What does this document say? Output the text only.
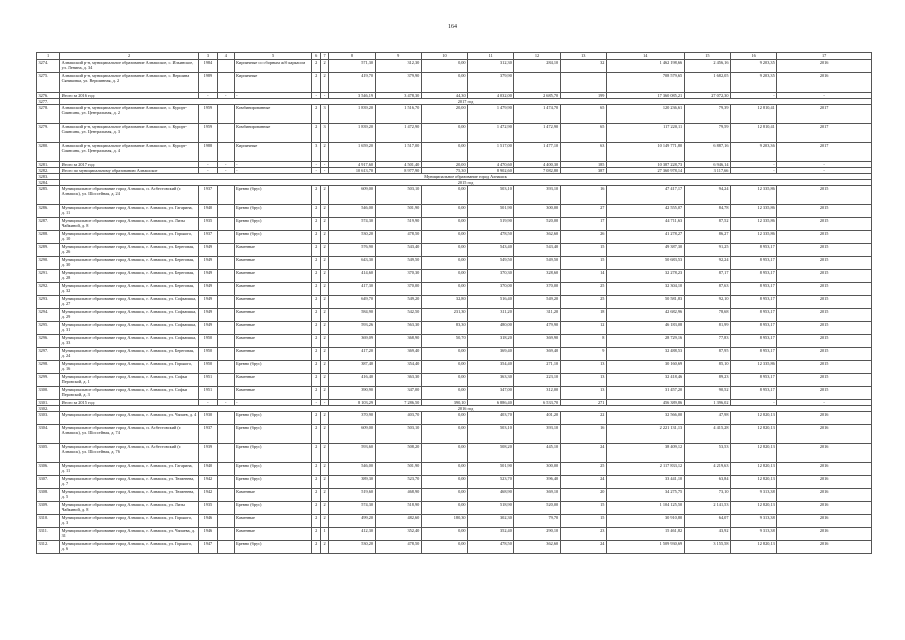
164
1	2	3	4	5	6	7	8	9	10	11	12	13	14	15	16	17
3274.	Алнашский р-н, муниципальное образование Алнашское, с. Ильинское, ул. Ленина, д. 34	1984		Кирпичные со сборным ж/б каркасом	2	2	571,30	312,30	0,00	312,30	284,10	32	1 462 198,66	2 456,16	9 203,35	2016
3275.	Алнашский р-н, муниципальное образование Алнашское, с. Вершина Сяниковка, ул. Вершинная, д. 2	1989		Кирпичные	2	2	419,70	379,90	0,00	379,90			708 579,65	1 682,05	9 203,35	2016
3276.	Итого за 2016 год:	-	-	-	-	-	3 546,19	3 478,30	44,30	4 032,00	2 685,70	199	17 360 085,21	27 072,30	-	-
3277.	2017 год															
3278.	Алнашский р-н, муниципальное образование Алнашское, с. Курорт-Сиянсанк, ул. Центральная, д. 2	1959		Комбинированные	2	3	1 839,20	1 516,70	20,00	1 479,90	1 474,70	65	120 236,61	79,39	12 810,41	2017
3279.	Алнашский р-н, муниципальное образование Алнашское, с. Курорт-Сиянсанк, ул. Центральная, д. 3	1959		Комбинированные	2	3	1 839,20	1 472,90	0,00	1 472,90	1 472,90	65	117 220,11	79,59	12 810,41	2017
3280.	Алнашский р-н, муниципальное образование Алнашское, с. Курорт-Сиянсанк, ул. Центральная, д. 4	1988		Кирпичные	3	2	1 659,20	1 517,00	0,00	1 517,00	1 477,10	63	10 149 771,80	6 887,16	9 203,36	2017
3281.	Итого за 2017 год:	-	-	-	-	-	4 917,60	4 501,40	20,00	4 470,60	4 400,30	185	10 387 228,73	6 946,14	-	-
3282.	Итого по муниципальному образованию Алнашское	-	-	-	-	-	10 613,70	8 977,90	75,30	8 902,60	7 082,80	387	27 360 978,14	3 117,66	-	-
3283.	Муниципальное образование город Алнашск															
3284.	2015 год															
3285.	Муниципальное образование город Алнашск, п. Асбестовский (г. Алнашск), ул. Шоссейная, д. 24	1937		Бревно (брус)	2	2	609,00	503,10	0,00	503,10	393,10	16	47 417,17	94,24	12 335,86	2015
3286.	Муниципальное образование город Алнашск, г. Алнашск, ул. Гагарина, д. 11	1940		Бревно (брус)	2	2	546,00	501,90	0,00	501,90	300,00	27	42 555,07	84,78	12 335,86	2015
3287.	Муниципальное образование город Алнашск, г. Алнашск, ул. Лизы Чайкиной, д. 8	1935		Бревно (брус)	2	2	574,30	519,90	0,00	519,90	520,00	17	44 711,63	87,52	12 335,86	2015
3288.	Муниципальное образование город Алнашск, г. Алнашск, ул. Горького, д. 10	1937		Бревно (брус)	2	2	530,20	478,50	0,00	478,50	362,60	26	41 278,27	86,27	12 335,86	2015
3289.	Муниципальное образование город Алнашск, г. Алнашск, ул. Береговая, д. 26	1949		Каменные	2	2	576,90	543,40	0,00	543,40	543,40	15	49 387,30	91,25	8 953,17	2015
3290.	Муниципальное образование город Алнашск, г. Алнашск, ул. Береговая, д. 30	1949		Каменные	2	2	643,30	549,50	0,00	549,50	549,50	15	50 683,53	92,24	8 953,17	2015
3291.	Муниципальное образование город Алнашск, г. Алнашск, ул. Береговая, д. 28	1949		Каменные	2	2	414,60	370,30	0,00	370,30	328,60	14	32 278,23	87,17	8 953,17	2015
3292.	Муниципальное образование город Алнашск, г. Алнашск, ул. Береговая, д. 32	1949		Каменные	2	2	417,30	370,00	0,00	370,00	370,00	25	32 304,10	87,63	8 953,17	2015
3293.	Муниципальное образование город Алнашск, г. Алнашск, ул. Софьюшка, д. 27	1949		Каменные	2	2	649,70	549,20	32,80	516,40	549,20	25	50 581,83	92,10	8 953,17	2015
3294.	Муниципальное образование город Алнашск, г. Алнашск, ул. Софьюшка, д. 29	1949		Каменные	2	2	584,90	542,50	231,30	311,20	311,20	18	42 682,96	78,68	8 953,17	2015
3295.	Муниципальное образование город Алнашск, г. Алнашск, ул. Софьюшка, д. 31	1949		Каменные	2	2	593,26	563,30	83,30	480,00	479,90	12	46 183,08	81,99	8 953,17	2015
3296.	Муниципальное образование город Алнашск, г. Алнашск, ул. Софьюшка, д. 33	1950		Каменные	2	2	369,09	368,90	50,70	318,20	369,90	8	28 729,16	77,83	8 953,17	2015
3297.	Муниципальное образование город Алнашск, г. Алнашск, ул. Береговая, д. 24	1950		Каменные	2	2	417,20	369,40	0,00	369,40	369,40	9	32 488,53	87,95	8 953,17	2015
3298.	Муниципальное образование город Алнашск, г. Алнашск, ул. Горького, д. 16	1950		Бревно (брус)	2	2	387,40	354,40	0,00	354,40	271,10	13	30 160,69	85,10	12 335,86	2015
3299.	Муниципальное образование город Алнашск, г. Алнашск, ул. Софьи Перовской, д. 1	1951		Каменные	2	2	416,40	363,30	0,00	363,30	223,10	13	32 418,46	89,23	8 953,17	2015
3300.	Муниципальное образование город Алнашск, г. Алнашск, ул. Софьи Перовской, д. 3	1951		Каменные	2	2	390,90	347,00	0,00	347,00	312,00	13	31 457,20	90,52	8 953,17	2015
3301.	Итого за 2015 год:	-	-	-	-	-	8 103,29	7 286,50	390,10	6 886,40	6 533,70	271	456 389,86	1 396,02	-	-
3302.	2016 год															
3303.	Муниципальное образование город Алнашск, г. Алнашск, ул. Чапаев, д. 4	1930		Бревно (брус)	2	2	370,90	403,70	0,00	403,70	401,20	22	32 566,00	47,98	12 820,13	2016
3304.	Муниципальное образование город Алнашск, п. Асбестовский (г. Алнашск), ул. Шоссейная, д. 74	1937		Бревно (брус)	2	2	609,00	503,10	0,00	503,10	393,10	16	2 221 131,13	4 415,28	12 820,13	2016
3305.	Муниципальное образование город Алнашск, п. Асбестовский (г. Алнашск), ул. Шоссейная, д. 76	1939		Бревно (брус)	2	2	593,60	508,20	0,00	508,20	445,10	24	38 409,12	53,53	12 820,13	2016
3306.	Муниципальное образование город Алнашск, г. Алнашск, ул. Гагарина, д. 11	1940		Бревно (брус)	2	2	546,00	501,90	0,00	501,90	300,00	25	2 117 833,12	4 219,63	12 820,13	2016
3307.	Муниципальное образование город Алнашск, г. Алнашск, ул. Тюменева, д. 7	1942		Бревно (брус)	2	2	389,30	523,70	0,00	523,70	396,40	24	33 441,10	63,84	12 820,13	2016
3308.	Муниципальное образование город Алнашск, г. Алнашск, ул. Тюменева, д. 5	1942		Каменные	2	2	519,60	468,90	0,00	468,90	369,10	20	34 275,75	73,10	9 313,38	2016
3309.	Муниципальное образование город Алнашск, г. Алнашск, ул. Лизы Чайкиной, д. 8	1935		Бревно (брус)	2	2	574,30	518,90	0,00	518,90	520,00	15	1 104 125,50	2 141,53	12 820,13	2016
3310.	Муниципальное образование город Алнашск, г. Алнашск, ул. Горького, д. 3	1946		Каменные	2	2	499,20	482,60	180,30	302,30	79,70	15	30 910,80	64,07	9 313,38	2016
3311.	Муниципальное образование город Алнашск, г. Алнашск, ул. Чапаева, д. 31	1946		Каменные	2	1	412,30	352,40	0,00	352,40	290,10	23	15 461,82	43,92	9 313,38	2016
3312.	Муниципальное образование город Алнашск, г. Алнашск, ул. Горького, д. 6	1947		Бревно (брус)	2	2	530,20	478,50	0,00	478,50	362,60	24	1 509 930,69	3 155,58	12 820,13	2016
